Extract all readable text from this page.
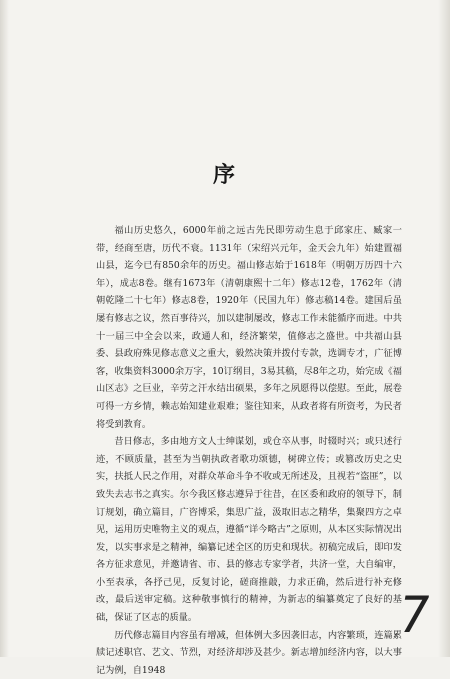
序

福山历史悠久，6000年前之远古先民即劳动生息于邱家庄、臧家一带，经商至唐，历代不衰。1131年（宋绍兴元年，金天会九年）始建置福山县，迄今已有850余年的历史。福山修志始于1618年（明朝万历四十六年），成志8卷。继有1673年（清朝康熙十二年）修志12卷，1762年（清朝乾隆二十七年）修志8卷，1920年（民国九年）修志稿14卷。建国后虽屡有修志之议，然百事待兴，加以建制屡改，修志工作未能循序而进。中共十一届三中全会以来，政通人和，经济繁荣，值修志之盛世。中共福山县委、县政府殊见修志意义之重大，毅然决策并拨付专款，选调专才，广征博客，收集资料3000余万字，10订纲目，3易其稿，尽8年之功，始完成《福山区志》之巨业，辛劳之汗水结出硕果，多年之夙愿得以偿慰。至此，展卷可得一方乡情，赖志始知建业艰难；鉴往知来，从政者将有所资考，为民者将受到教育。

昔日修志，多由地方文人士绅谋划，或仓卒从事，时辍时兴；或只述行迹，不顾质量，甚至为当朝执政者歌功颂德，树碑立传；或篡改历史之史实，扶抵人民之作用，对群众革命斗争不收或无所述及，且视若“盗匪”，以致失去志书之真实。尔今我区修志遵异于往昔，在区委和政府的领导下，制订规划，确立篇目，广咨博采，集思广益，汲取旧志之精华，集聚四方之卓见，运用历史唯物主义的观点，遵循“详今略古”之原则，从本区实际情况出发，以实事求是之精神，编纂记述全区的历史和现状。初稿完成后，即印发各方征求意见，并邀请省、市、县的修志专家学者，共济一堂，大自编审，小至表承，各抒己见，反复讨论，磋商推敲，力求正确，然后进行补充修改，最后送审定稿。这种敬事慎行的精神，为新志的编纂奠定了良好的基础，保证了区志的质量。

历代修志篇目内容虽有增减，但体例大多因袭旧志，内容繁琐，连篇累牍记述职官、艺文、节烈，对经济却涉及甚少。新志增加经济内容，以大事记为例，自1948

7
